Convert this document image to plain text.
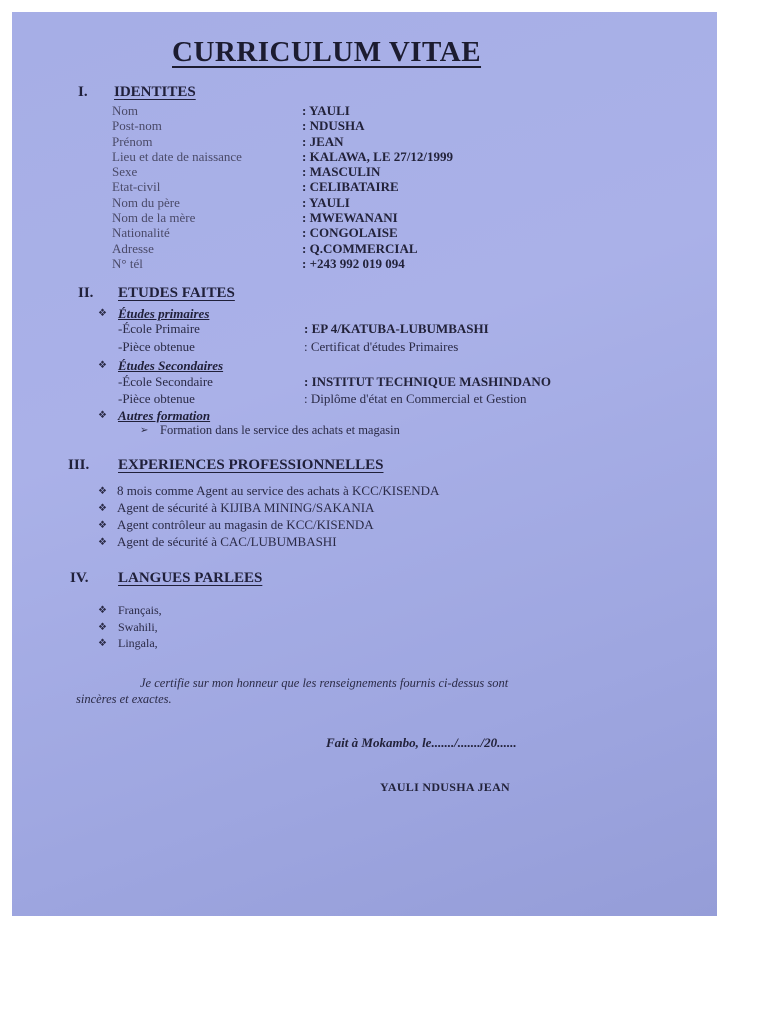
CURRICULUM VITAE
I. IDENTITES
Nom	: YAULI
Post-nom	: NDUSHA
Prénom	: JEAN
Lieu et date de naissance	: KALAWA, LE 27/12/1999
Sexe	: MASCULIN
Etat-civil	: CELIBATAIRE
Nom du père	: YAULI
Nom de la mère	: MWEWANANI
Nationalité	: CONGOLAISE
Adresse	: Q.COMMERCIAL
N° tél	: +243 992 019 094
II. ETUDES FAITES
❖ Études primaires
-École Primaire	: EP 4/KATUBA-LUBUMBASHI
-Pièce obtenue	: Certificat d'études Primaires
❖ Études Secondaires
-École Secondaire	: INSTITUT TECHNIQUE MASHINDANO
-Pièce obtenue	: Diplôme d'état en Commercial et Gestion
❖ Autres formation
➢ Formation dans le service des achats et magasin
III. EXPERIENCES PROFESSIONNELLES
❖ 8 mois comme Agent au service des achats à KCC/KISENDA
❖ Agent de sécurité à KIJIBA MINING/SAKANIA
❖ Agent contrôleur au magasin de KCC/KISENDA
❖ Agent de sécurité à CAC/LUBUMBASHI
IV. LANGUES PARLEES
❖ Français,
❖ Swahili,
❖ Lingala,
Je certifie sur mon honneur que les renseignements fournis ci-dessus sont
sincères et exactes.
Fait à Mokambo, le......./......./20......
YAULI NDUSHA JEAN
